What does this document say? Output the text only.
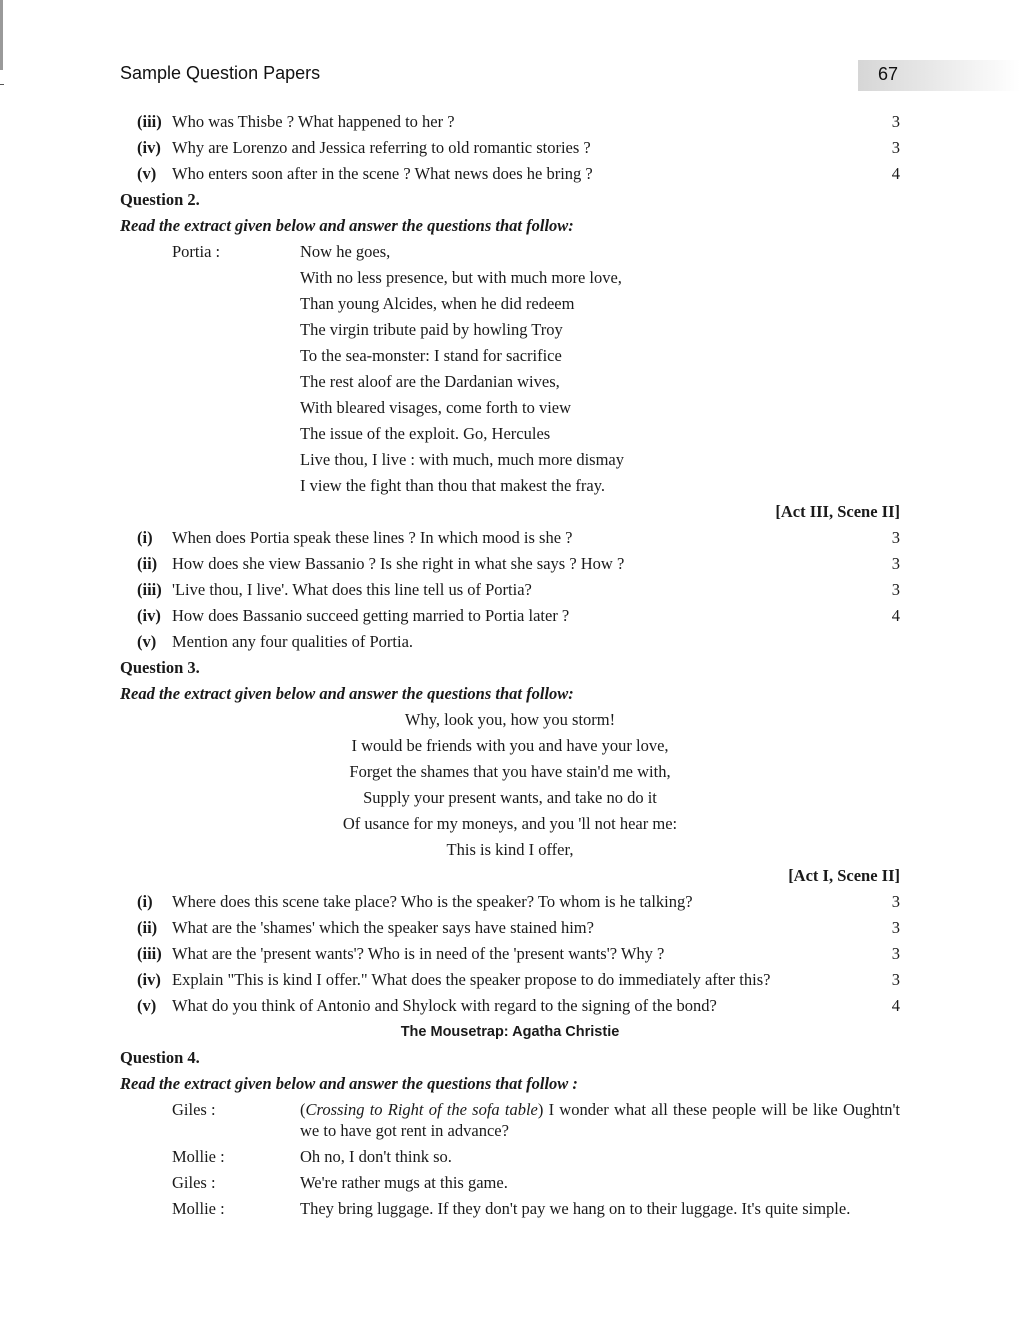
Sample Question Papers	67
(iii) Who was Thisbe ? What happened to her ?	3
(iv) Why are Lorenzo and Jessica referring to old romantic stories ?	3
(v) Who enters soon after in the scene ? What news does he bring ?	4
Question 2.
Read the extract given below and answer the questions that follow:
Portia :	Now he goes,
With no less presence, but with much more love,
Than young Alcides, when he did redeem
The virgin tribute paid by howling Troy
To the sea-monster: I stand for sacrifice
The rest aloof are the Dardanian wives,
With bleared visages, come forth to view
The issue of the exploit. Go, Hercules
Live thou, I live : with much, much more dismay
I view the fight than thou that makest the fray.
[Act III, Scene II]
(i)	When does Portia speak these lines ? In which mood is she ?	3
(ii) How does she view Bassanio ? Is she right in what she says ? How ?	3
(iii) 'Live thou, I live'. What does this line tell us of Portia?	3
(iv) How does Bassanio succeed getting married to Portia later ?	4
(v) Mention any four qualities of Portia.
Question 3.
Read the extract given below and answer the questions that follow:
Why, look you, how you storm!
I would be friends with you and have your love,
Forget the shames that you have stain'd me with,
Supply your present wants, and take no do it
Of usance for my moneys, and you 'll not hear me:
This is kind I offer,
[Act I, Scene II]
(i)	Where does this scene take place? Who is the speaker? To whom is he talking?	3
(ii) What are the 'shames' which the speaker says have stained him?	3
(iii) What are the 'present wants'? Who is in need of the 'present wants'? Why ?	3
(iv) Explain "This is kind I offer." What does the speaker propose to do immediately after this?	3
(v) What do you think of Antonio and Shylock with regard to the signing of the bond?	4
The Mousetrap: Agatha Christie
Question 4.
Read the extract given below and answer the questions that follow :
Giles :	(Crossing to Right of the sofa table) I wonder what all these people will be like Oughtn't we to have got rent in advance?
Mollie :	Oh no, I don't think so.
Giles :	We're rather mugs at this game.
Mollie :	They bring luggage. If they don't pay we hang on to their luggage. It's quite simple.
